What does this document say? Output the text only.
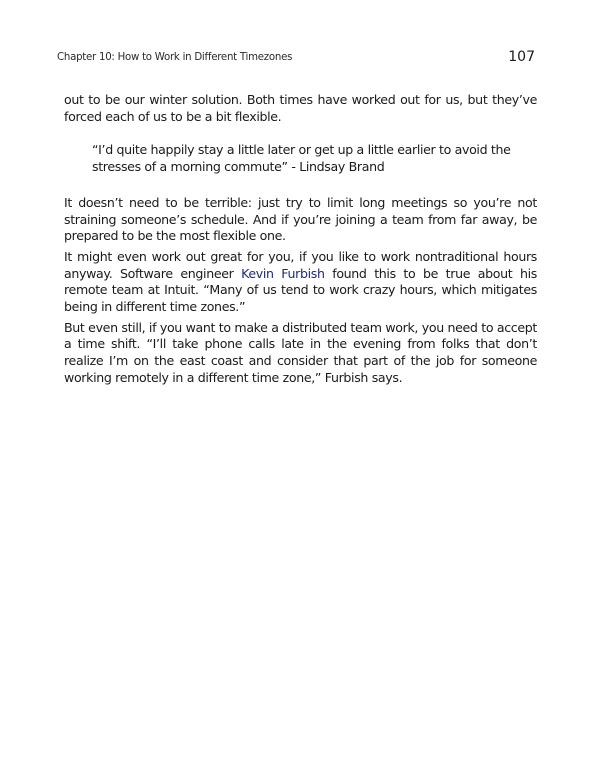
Chapter 10: How to Work in Different Timezones	107

out to be our winter solution. Both times have worked out for us, but they’ve forced each of us to be a bit flexible.

“I’d quite happily stay a little later or get up a little earlier to avoid the stresses of a morning commute” - Lindsay Brand

It doesn’t need to be terrible: just try to limit long meetings so you’re not straining someone’s schedule. And if you’re joining a team from far away, be prepared to be the most flexible one.

It might even work out great for you, if you like to work nontraditional hours anyway. Software engineer Kevin Furbish found this to be true about his remote team at Intuit. “Many of us tend to work crazy hours, which mitigates being in different time zones.”

But even still, if you want to make a distributed team work, you need to accept a time shift. “I’ll take phone calls late in the evening from folks that don’t realize I’m on the east coast and consider that part of the job for someone working remotely in a different time zone,” Furbish says.
